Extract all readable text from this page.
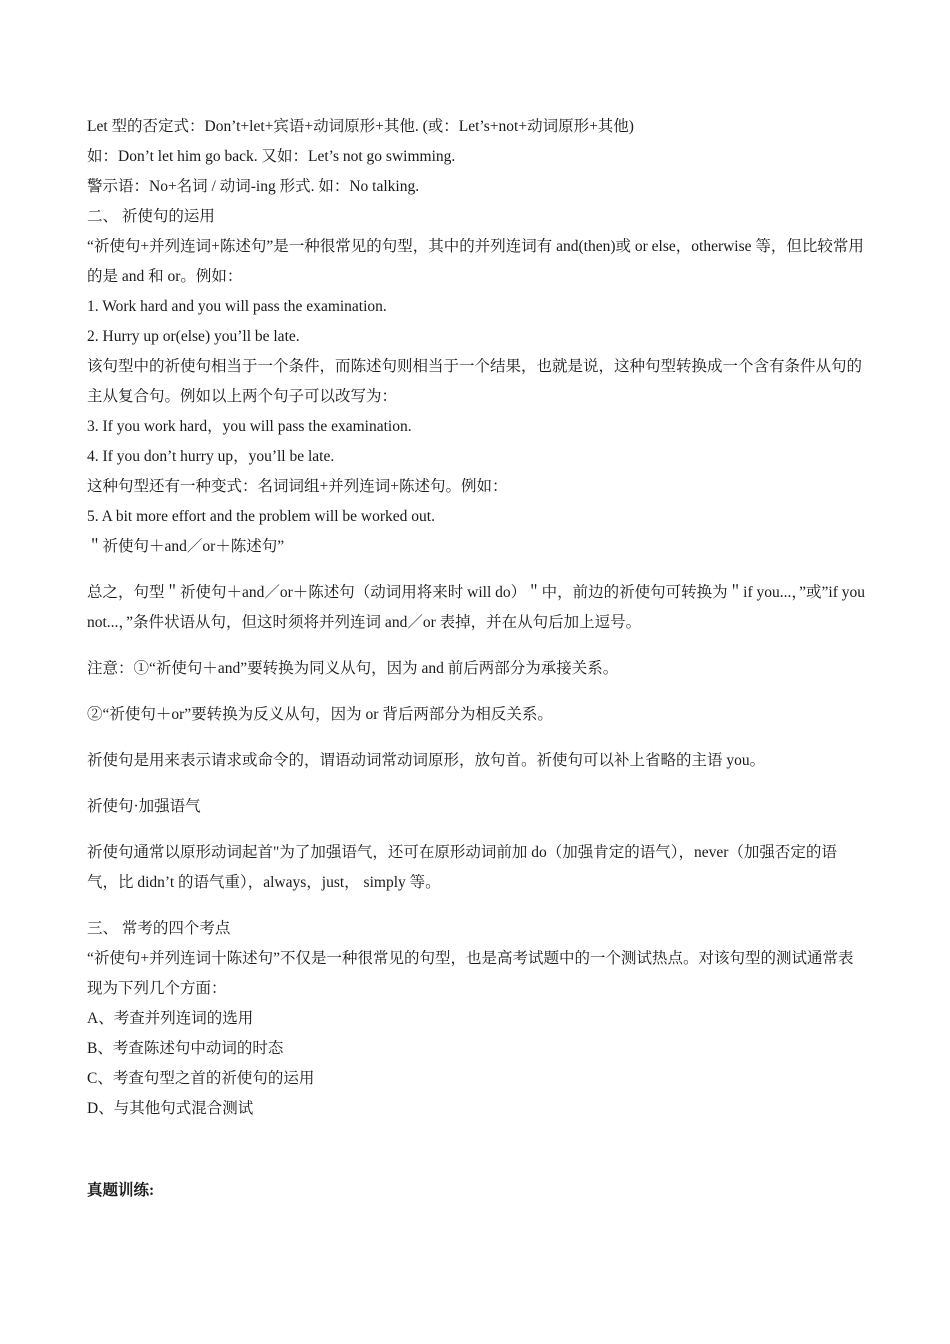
Let 型的否定式：Don’t+let+宾语+动词原形+其他. (或：Let’s+not+动词原形+其他)

如：Don’t let him go back. 又如：Let’s not go swimming.

警示语：No+名词 / 动词-ing 形式. 如：No talking.

二、 祈使句的运用

“祈使句+并列连词+陈述句”是一种很常见的句型，其中的并列连词有 and(then)或 or else，otherwise 等，但比较常用的是 and 和 or。例如：

1. Work hard and you will pass the examination.

2. Hurry up or(else) you’ll be late.

该句型中的祈使句相当于一个条件，而陈述句则相当于一个结果，也就是说，这种句型转换成一个含有条件从句的主从复合句。例如以上两个句子可以改写为：

3. If you work hard，you will pass the examination.

4. If you don’t hurry up，you’ll be late.

这种句型还有一种变式：名词词组+并列连词+陈述句。例如：

5. A bit more effort and the problem will be worked out.

＂祈使句＋and／or＋陈述句”

总之，句型＂祈使句＋and／or＋陈述句（动词用将来时 will do）＂中，前边的祈使句可转换为＂if you...，”或”if you not...，”条件状语从句，但这时须将并列连词 and／or 表掉，并在从句后加上逗号。

注意：①“祈使句＋and”要转换为同义从句，因为 and 前后两部分为承接关系。

②“祈使句＋or”要转换为反义从句，因为 or 背后两部分为相反关系。

祈使句是用来表示请求或命令的，谓语动词常动词原形，放句首。祈使句可以补上省略的主语 you。

祈使句·加强语气

祈使句通常以原形动词起首"为了加强语气，还可在原形动词前加 do（加强肯定的语气），never（加强否定的语气，比 didn’t 的语气重），always，just， simply 等。

三、 常考的四个考点

“祈使句+并列连词十陈述句”不仅是一种很常见的句型，也是高考试题中的一个测试热点。对该句型的测试通常表现为下列几个方面：

A、考查并列连词的选用

B、考查陈述句中动词的时态

C、考查句型之首的祈使句的运用

D、与其他句式混合测试

真题训练:
